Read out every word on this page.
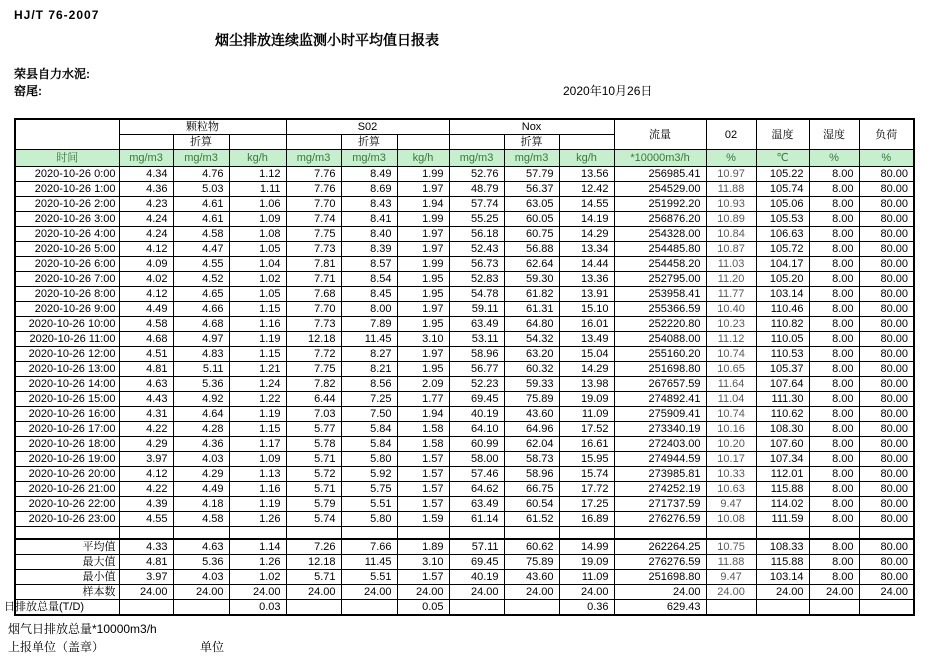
HJ/T 76-2007
烟尘排放连续监测小时平均值日报表
荣县自力水泥:
窑尾:	2020年10月26日
	颗粒物			S02			Nox			流量	02	温度	湿度	负荷
		折算			折算			折算						
时间	mg/m3	mg/m3	kg/h	mg/m3	mg/m3	kg/h	mg/m3	mg/m3	kg/h	*10000m3/h	%	℃	%	%
2020-10-26 0:00	4.34	4.76	1.12	7.76	8.49	1.99	52.76	57.79	13.56	256985.41	10.97	105.22	8.00	80.00
2020-10-26 1:00	4.36	5.03	1.11	7.76	8.69	1.97	48.79	56.37	12.42	254529.00	11.88	105.74	8.00	80.00
2020-10-26 2:00	4.23	4.61	1.06	7.70	8.43	1.94	57.74	63.05	14.55	251992.20	10.93	105.06	8.00	80.00
2020-10-26 3:00	4.24	4.61	1.09	7.74	8.41	1.99	55.25	60.05	14.19	256876.20	10.89	105.53	8.00	80.00
2020-10-26 4:00	4.24	4.58	1.08	7.75	8.40	1.97	56.18	60.75	14.29	254328.00	10.84	106.63	8.00	80.00
2020-10-26 5:00	4.12	4.47	1.05	7.73	8.39	1.97	52.43	56.88	13.34	254485.80	10.87	105.72	8.00	80.00
2020-10-26 6:00	4.09	4.55	1.04	7.81	8.57	1.99	56.73	62.64	14.44	254458.20	11.03	104.17	8.00	80.00
2020-10-26 7:00	4.02	4.52	1.02	7.71	8.54	1.95	52.83	59.30	13.36	252795.00	11.20	105.20	8.00	80.00
2020-10-26 8:00	4.12	4.65	1.05	7.68	8.45	1.95	54.78	61.82	13.91	253958.41	11.77	103.14	8.00	80.00
2020-10-26 9:00	4.49	4.66	1.15	7.70	8.00	1.97	59.11	61.31	15.10	255366.59	10.40	110.46	8.00	80.00
2020-10-26 10:00	4.58	4.68	1.16	7.73	7.89	1.95	63.49	64.80	16.01	252220.80	10.23	110.82	8.00	80.00
2020-10-26 11:00	4.68	4.97	1.19	12.18	11.45	3.10	53.11	54.32	13.49	254088.00	11.12	110.05	8.00	80.00
2020-10-26 12:00	4.51	4.83	1.15	7.72	8.27	1.97	58.96	63.20	15.04	255160.20	10.74	110.53	8.00	80.00
2020-10-26 13:00	4.81	5.11	1.21	7.75	8.21	1.95	56.77	60.32	14.29	251698.80	10.65	105.37	8.00	80.00
2020-10-26 14:00	4.63	5.36	1.24	7.82	8.56	2.09	52.23	59.33	13.98	267657.59	11.64	107.64	8.00	80.00
2020-10-26 15:00	4.43	4.92	1.22	6.44	7.25	1.77	69.45	75.89	19.09	274892.41	11.04	111.30	8.00	80.00
2020-10-26 16:00	4.31	4.64	1.19	7.03	7.50	1.94	40.19	43.60	11.09	275909.41	10.74	110.62	8.00	80.00
2020-10-26 17:00	4.22	4.28	1.15	5.77	5.84	1.58	64.10	64.96	17.52	273340.19	10.16	108.30	8.00	80.00
2020-10-26 18:00	4.29	4.36	1.17	5.78	5.84	1.58	60.99	62.04	16.61	272403.00	10.20	107.60	8.00	80.00
2020-10-26 19:00	3.97	4.03	1.09	5.71	5.80	1.57	58.00	58.73	15.95	274944.59	10.17	107.34	8.00	80.00
2020-10-26 20:00	4.12	4.29	1.13	5.72	5.92	1.57	57.46	58.96	15.74	273985.81	10.33	112.01	8.00	80.00
2020-10-26 21:00	4.22	4.49	1.16	5.71	5.75	1.57	64.62	66.75	17.72	274252.19	10.63	115.88	8.00	80.00
2020-10-26 22:00	4.39	4.18	1.19	5.79	5.51	1.57	63.49	60.54	17.25	271737.59	9.47	114.02	8.00	80.00
2020-10-26 23:00	4.55	4.58	1.26	5.74	5.80	1.59	61.14	61.52	16.89	276276.59	10.08	111.59	8.00	80.00

平均值	4.33	4.63	1.14	7.26	7.66	1.89	57.11	60.62	14.99	262264.25	10.75	108.33	8.00	80.00
最大值	4.81	5.36	1.26	12.18	11.45	3.10	69.45	75.89	19.09	276276.59	11.88	115.88	8.00	80.00
最小值	3.97	4.03	1.02	5.71	5.51	1.57	40.19	43.60	11.09	251698.80	9.47	103.14	8.00	80.00
样本数	24.00	24.00	24.00	24.00	24.00	24.00	24.00	24.00	24.00	24.00	24.00	24.00	24.00	24.00
日排放总量(T/D)			0.03			0.05			0.36	629.43				
烟气日排放总量*10000m3/h
上报单位（盖章）	单位
